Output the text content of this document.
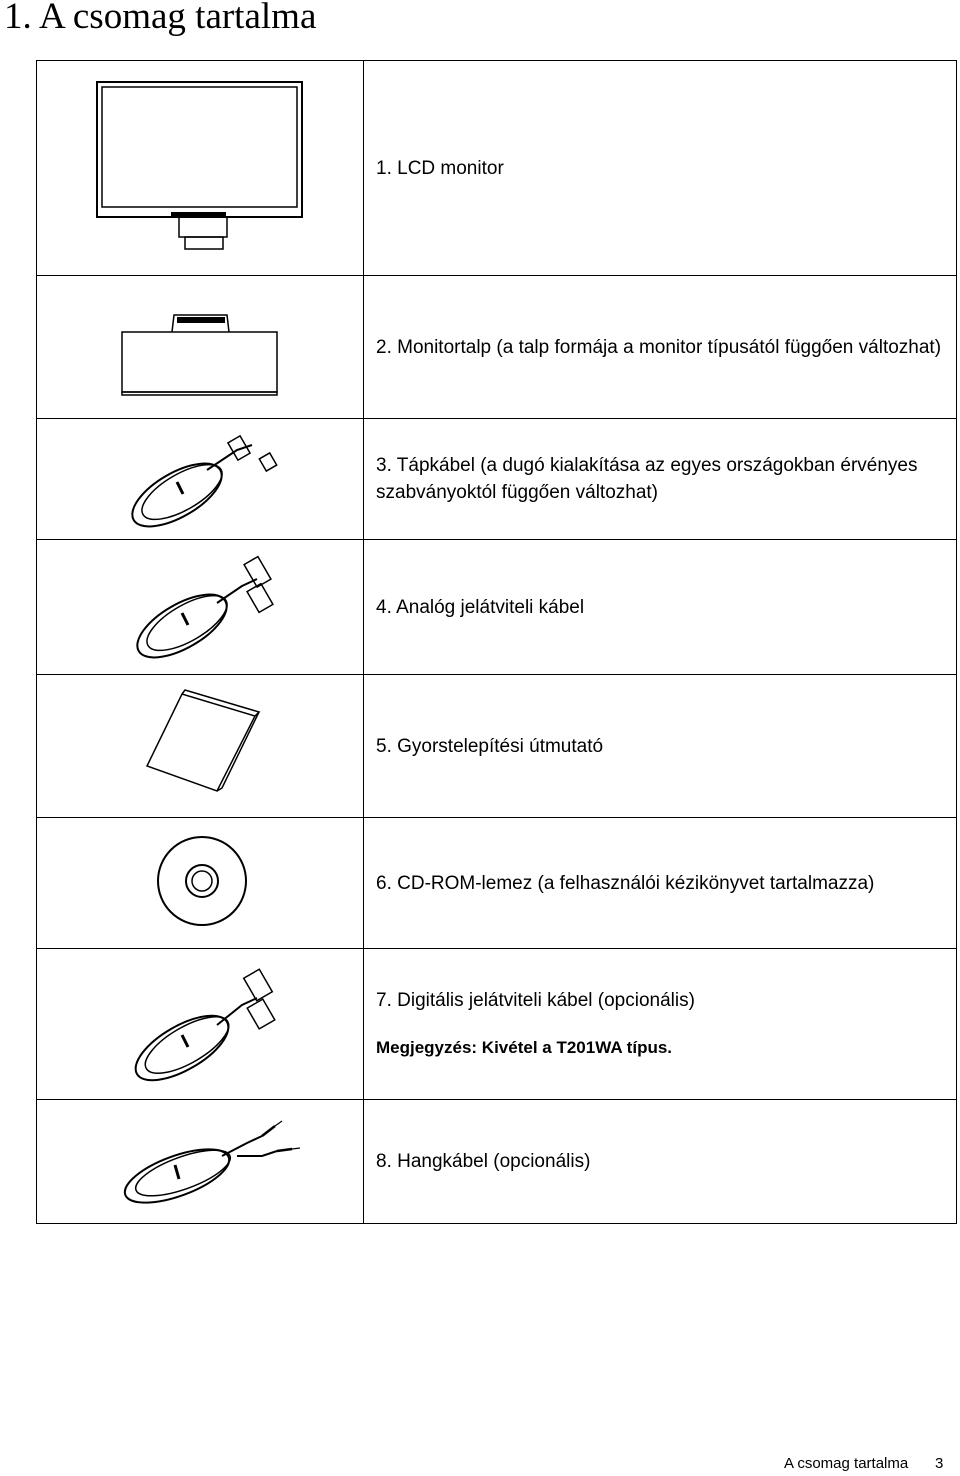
1. A csomag tartalma

1. LCD monitor

2. Monitortalp (a talp formája a monitor típusától függően változhat)

3. Tápkábel (a dugó kialakítása az egyes országokban érvényes szabványoktól függően változhat)

4. Analóg jelátviteli kábel

5. Gyorstelepítési útmutató

6. CD-ROM-lemez (a felhasználói kézikönyvet tartalmazza)

7. Digitális jelátviteli kábel (opcionális)
Megjegyzés: Kivétel a T201WA típus.

8. Hangkábel (opcionális)
A csomag tartalma 3
